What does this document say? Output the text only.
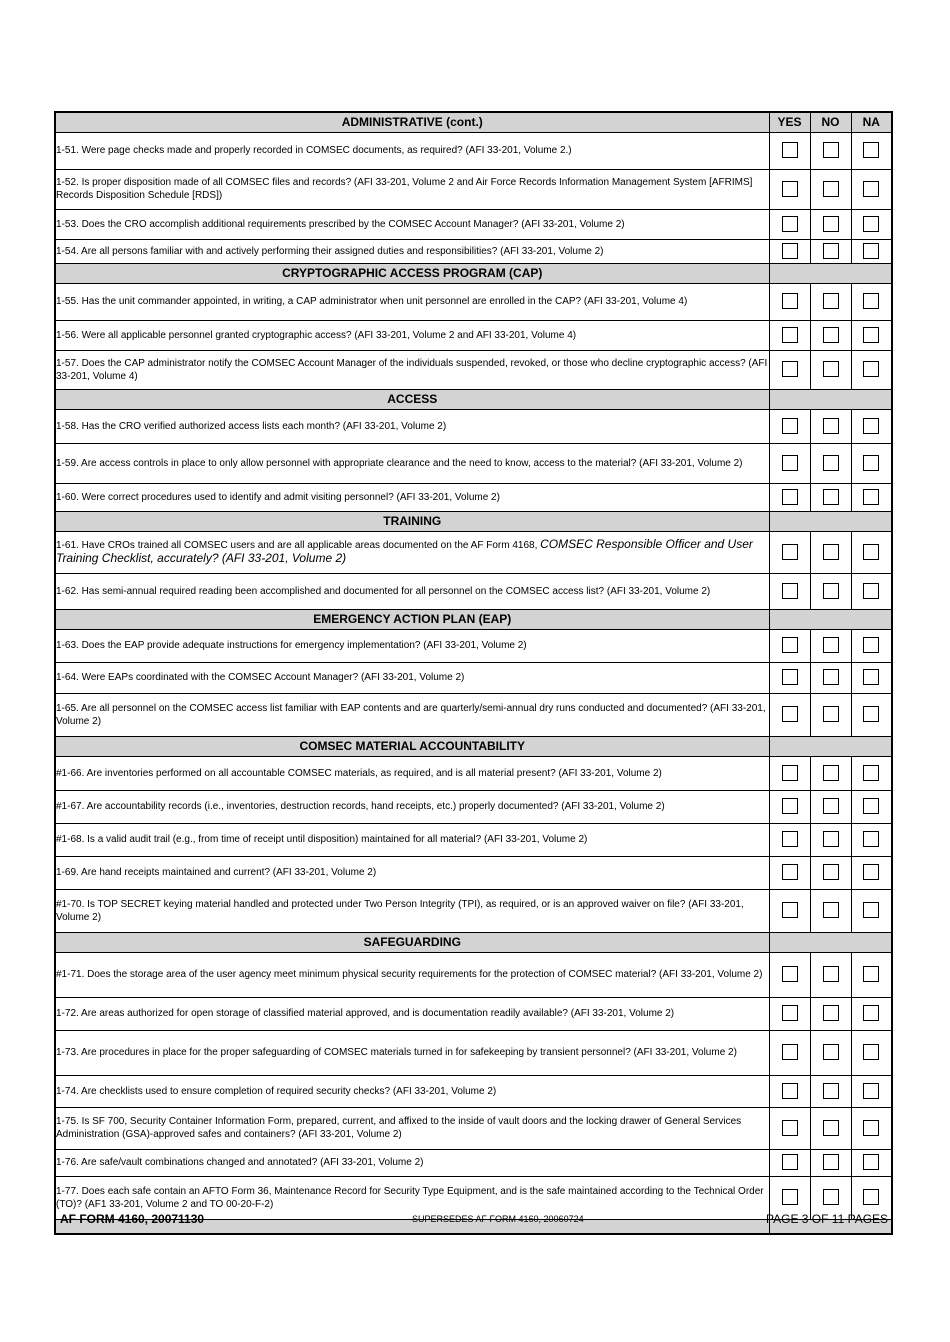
ADMINISTRATIVE (cont.)	YES	NO	NA
1-51. Were page checks made and properly recorded in COMSEC documents, as required? (AFI 33-201, Volume 2.)			
1-52. Is proper disposition made of all COMSEC files and records? (AFI 33-201, Volume 2 and Air Force Records Information Management System [AFRIMS] Records Disposition Schedule [RDS])			
1-53. Does the CRO accomplish additional requirements prescribed by the COMSEC Account Manager? (AFI 33-201, Volume 2)			
1-54. Are all persons familiar with and actively performing their assigned duties and responsibilities? (AFI 33-201, Volume 2)			
CRYPTOGRAPHIC ACCESS PROGRAM (CAP)			
1-55. Has the unit commander appointed, in writing, a CAP administrator when unit personnel are enrolled in the CAP? (AFI 33-201, Volume 4)			
1-56. Were all applicable personnel granted cryptographic access? (AFI 33-201, Volume 2 and AFI 33-201, Volume 4)			
1-57. Does the CAP administrator notify the COMSEC Account Manager of the individuals suspended, revoked, or those who decline cryptographic access? (AFI 33-201, Volume 4)			
ACCESS			
1-58. Has the CRO verified authorized access lists each month? (AFI 33-201, Volume 2)			
1-59. Are access controls in place to only allow personnel with appropriate clearance and the need to know, access to the material? (AFI 33-201, Volume 2)			
1-60. Were correct procedures used to identify and admit visiting personnel? (AFI 33-201, Volume 2)			
TRAINING			
1-61. Have CROs trained all COMSEC users and are all applicable areas documented on the AF Form 4168, COMSEC Responsible Officer and User Training Checklist, accurately? (AFI 33-201, Volume 2)			
1-62. Has semi-annual required reading been accomplished and documented for all personnel on the COMSEC access list? (AFI 33-201, Volume 2)			
EMERGENCY ACTION PLAN (EAP)			
1-63. Does the EAP provide adequate instructions for emergency implementation? (AFI 33-201, Volume 2)			
1-64. Were EAPs coordinated with the COMSEC Account Manager? (AFI 33-201, Volume 2)			
1-65. Are all personnel on the COMSEC access list familiar with EAP contents and are quarterly/semi-annual dry runs conducted and documented? (AFI 33-201, Volume 2)			
COMSEC MATERIAL ACCOUNTABILITY			
#1-66. Are inventories performed on all accountable COMSEC materials, as required, and is all material present? (AFI 33-201, Volume 2)			
#1-67. Are accountability records (i.e., inventories, destruction records, hand receipts, etc.) properly documented? (AFI 33-201, Volume 2)			
#1-68. Is a valid audit trail (e.g., from time of receipt until disposition) maintained for all material? (AFI 33-201, Volume 2)			
1-69. Are hand receipts maintained and current? (AFI 33-201, Volume 2)			
#1-70. Is TOP SECRET keying material handled and protected under Two Person Integrity (TPI), as required, or is an approved waiver on file? (AFI 33-201, Volume 2)			
SAFEGUARDING			
#1-71. Does the storage area of the user agency meet minimum physical security requirements for the protection of COMSEC material? (AFI 33-201, Volume 2)			
1-72. Are areas authorized for open storage of classified material approved, and is documentation readily available? (AFI 33-201, Volume 2)			
1-73. Are procedures in place for the proper safeguarding of COMSEC materials turned in for safekeeping by transient personnel? (AFI 33-201, Volume 2)			
1-74. Are checklists used to ensure completion of required security checks? (AFI 33-201, Volume 2)			
1-75. Is SF 700, Security Container Information Form, prepared, current, and affixed to the inside of vault doors and the locking drawer of General Services Administration (GSA)-approved safes and containers? (AFI 33-201, Volume 2)			
1-76. Are safe/vault combinations changed and annotated? (AFI 33-201, Volume 2)			
1-77. Does each safe contain an AFTO Form 36, Maintenance Record for Security Type Equipment, and is the safe maintained according to the Technical Order (TO)? (AF1 33-201, Volume 2 and TO 00-20-F-2)			

AF FORM 4160, 20071130	SUPERSEDES AF FORM 4160, 20060724	PAGE 3 OF 11 PAGES
